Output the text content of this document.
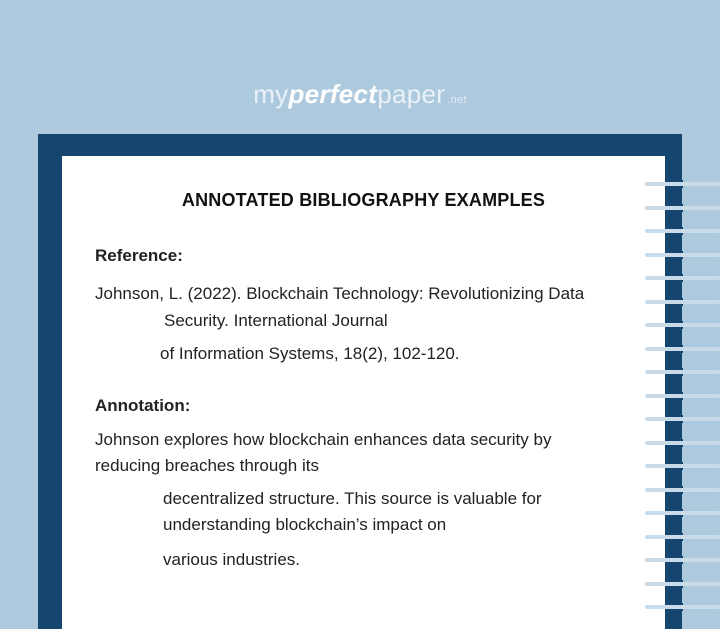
myperfectpaper $^{.net}$
ANNOTATED BIBLIOGRAPHY EXAMPLES
Reference:
Johnson, L. (2022). Blockchain Technology: Revolutionizing Data
Security. International Journal
of Information Systems, 18(2), 102-120.
Annotation:
Johnson explores how blockchain enhances data security by
reducing breaches through its
decentralized structure. This source is valuable for
understanding blockchain’s impact on
various industries.
